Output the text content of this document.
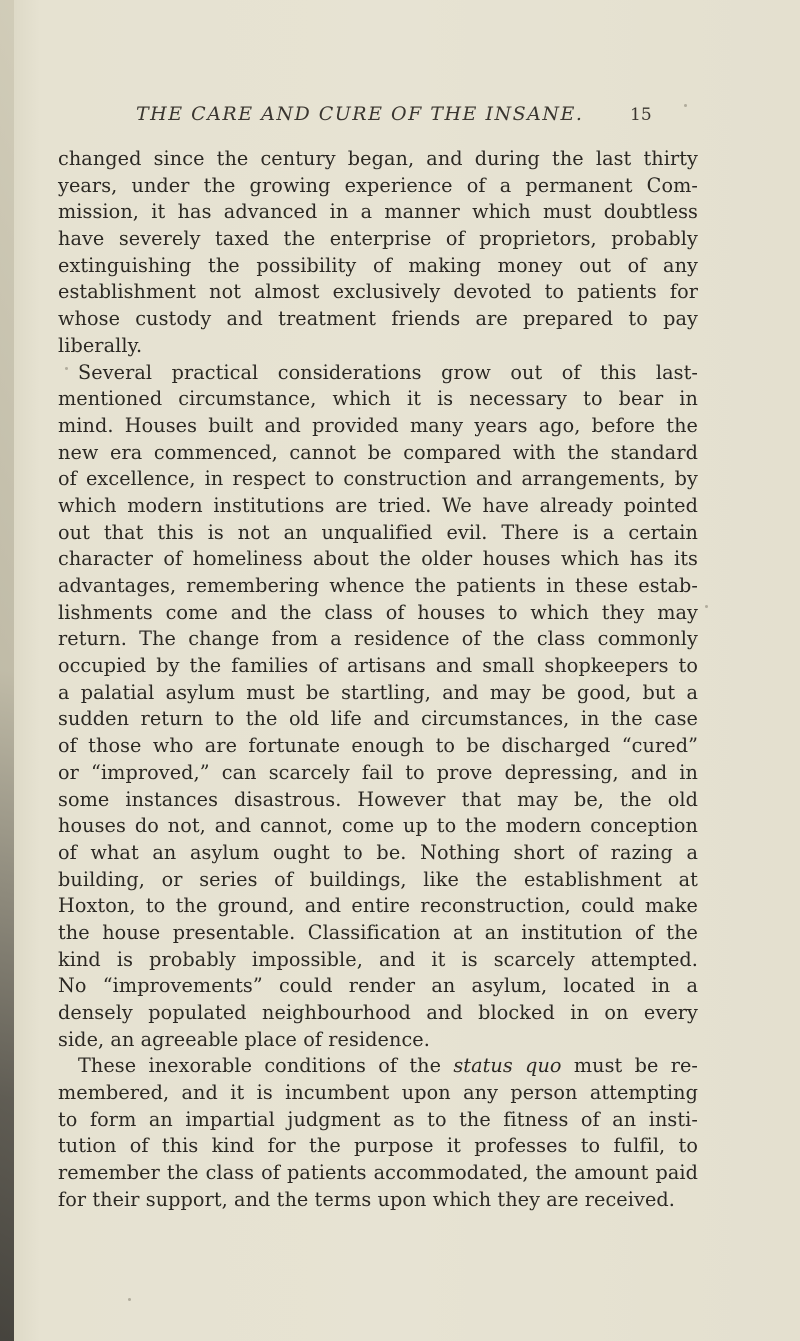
THE CARE AND CURE OF THE INSANE.	15
changed since the century began, and during the last thirty
years, under the growing experience of a permanent Com-
mission, it has advanced in a manner which must doubtless
have severely taxed the enterprise of proprietors, probably
extinguishing the possibility of making money out of any
establishment not almost exclusively devoted to patients for
whose custody and treatment friends are prepared to pay
liberally.
Several practical considerations grow out of this last-
mentioned circumstance, which it is necessary to bear in
mind. Houses built and provided many years ago, before the
new era commenced, cannot be compared with the standard
of excellence, in respect to construction and arrangements, by
which modern institutions are tried. We have already pointed
out that this is not an unqualified evil. There is a certain
character of homeliness about the older houses which has its
advantages, remembering whence the patients in these estab-
lishments come and the class of houses to which they may
return. The change from a residence of the class commonly
occupied by the families of artisans and small shopkeepers to
a palatial asylum must be startling, and may be good, but a
sudden return to the old life and circumstances, in the case
of those who are fortunate enough to be discharged “cured”
or “improved,” can scarcely fail to prove depressing, and in
some instances disastrous. However that may be, the old
houses do not, and cannot, come up to the modern conception
of what an asylum ought to be. Nothing short of razing a
building, or series of buildings, like the establishment at
Hoxton, to the ground, and entire reconstruction, could make
the house presentable. Classification at an institution of the
kind is probably impossible, and it is scarcely attempted.
No “improvements” could render an asylum, located in a
densely populated neighbourhood and blocked in on every
side, an agreeable place of residence.
These inexorable conditions of the status quo must be re-
membered, and it is incumbent upon any person attempting
to form an impartial judgment as to the fitness of an insti-
tution of this kind for the purpose it professes to fulfil, to
remember the class of patients accommodated, the amount paid
for their support, and the terms upon which they are received.
